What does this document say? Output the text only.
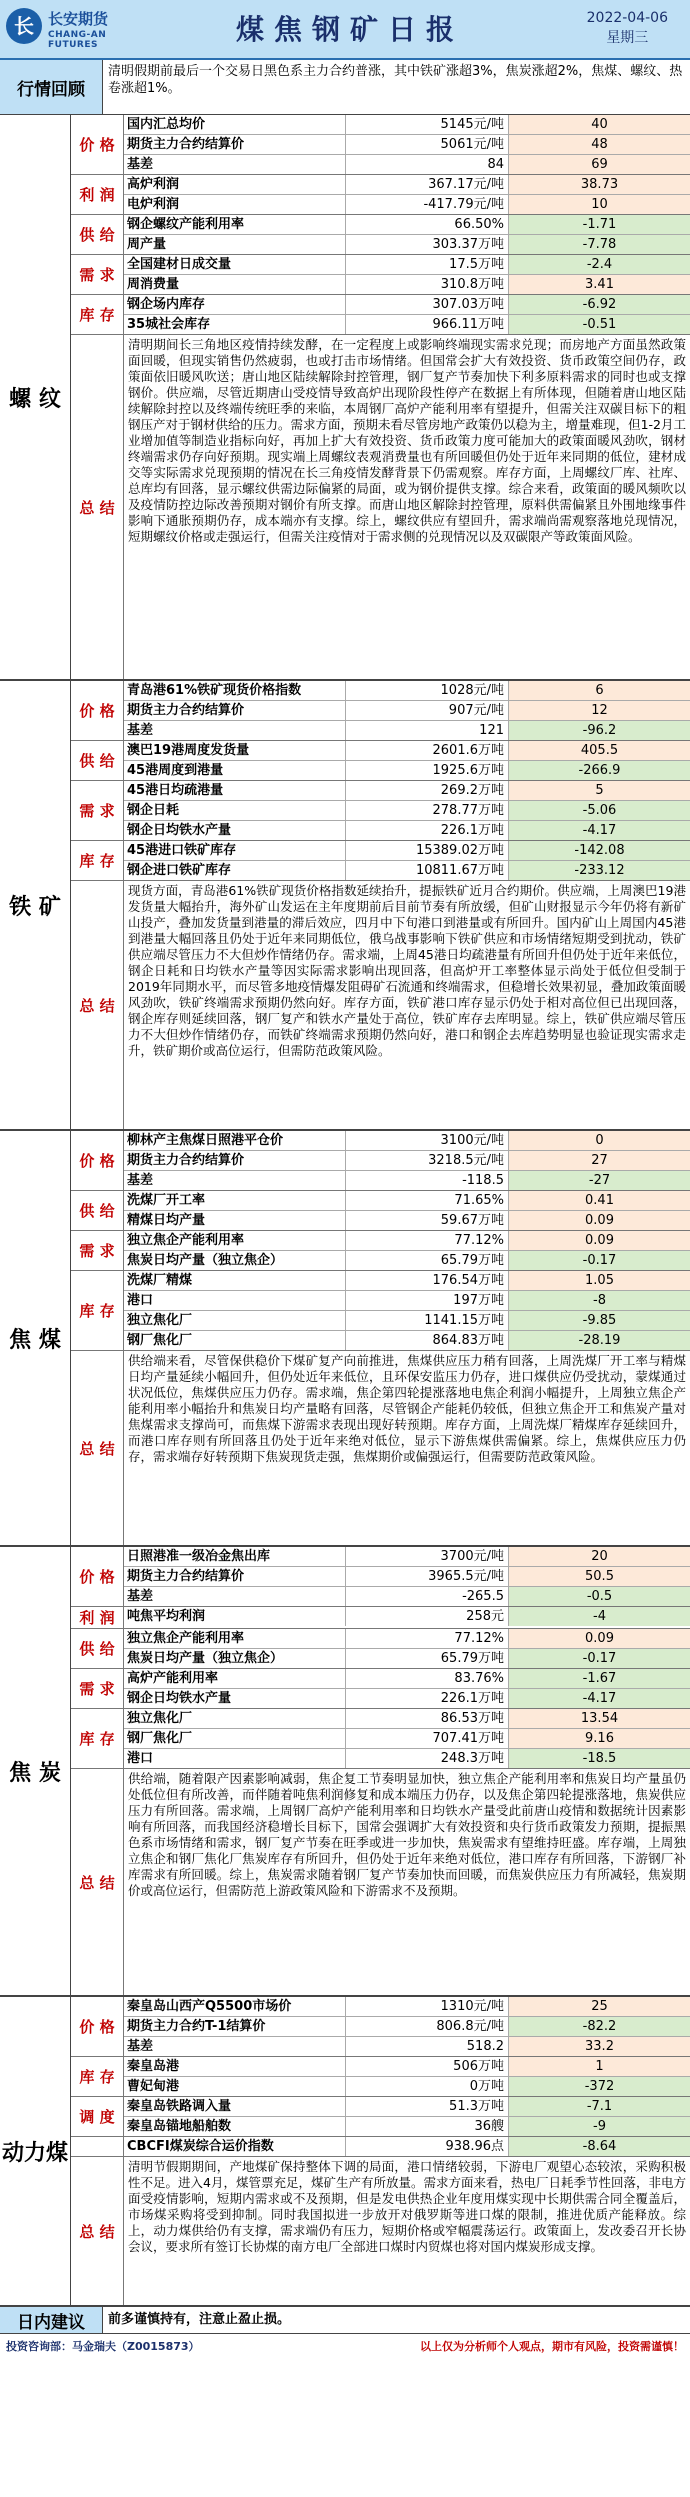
长 长安期货
CHANG-AN FUTURES	煤焦钢矿日报	2022-04-06
星期三
行情回顾
清明假期前最后一个交易日黑色系主力合约普涨，其中铁矿涨超3%，焦炭涨超2%，焦煤、螺纹、热卷涨超1%。
螺 纹
价 格
国内汇总均价	5145元/吨	40
期货主力合约结算价	5061元/吨	48
基差	84	69
利 润
高炉利润	367.17元/吨	38.73
电炉利润	-417.79元/吨	10
供 给
钢企螺纹产能利用率	66.50%	-1.71
周产量	303.37万吨	-7.78
需 求
全国建材日成交量	17.5万吨	-2.4
周消费量	310.8万吨	3.41
库 存
钢企场内库存	307.03万吨	-6.92
35城社会库存	966.11万吨	-0.51
总 结
清明期间长三角地区疫情持续发酵，在一定程度上或影响终端现实需求兑现；而房地产方面虽然政策面回暖，但现实销售仍然疲弱，也或打击市场情绪。但国常会扩大有效投资、货币政策空间仍存，政策面依旧暖风吹送；唐山地区陆续解除封控管理，钢厂复产节奏加快下利多原料需求的同时也或支撑钢价。供应端，尽管近期唐山受疫情导致高炉出现阶段性停产在数据上有所体现，但随着唐山地区陆续解除封控以及终端传统旺季的来临，本周钢厂高炉产能利用率有望提升，但需关注双碳目标下的粗钢压产对于钢材供给的压力。需求方面，预期未看尽管房地产政策仍以稳为主，增量难现，但1-2月工业增加值等制造业指标向好，再加上扩大有效投资、货币政策力度可能加大的政策面暖风劲吹，钢材终端需求仍存向好预期。现实端上周螺纹表观消费量也有所回暖但仍处于近年来同期的低位，建材成交等实际需求兑现预期的情况在长三角疫情发酵背景下仍需观察。库存方面，上周螺纹厂库、社库、总库均有回落，显示螺纹供需边际偏紧的局面，或为钢价提供支撑。综合来看，政策面的暖风频吹以及疫情防控边际改善预期对钢价有所支撑。而唐山地区解除封控管理，原料供需偏紧且外围地缘事件影响下通胀预期仍存，成本端亦有支撑。综上，螺纹供应有望回升，需求端尚需观察落地兑现情况，短期螺纹价格或走强运行，但需关注疫情对于需求侧的兑现情况以及双碳限产等政策面风险。
铁 矿
价 格
青岛港61%铁矿现货价格指数	1028元/吨	6
期货主力合约结算价	907元/吨	12
基差	121	-96.2
供 给
澳巴19港周度发货量	2601.6万吨	405.5
45港周度到港量	1925.6万吨	-266.9
需 求
45港日均疏港量	269.2万吨	5
钢企日耗	278.77万吨	-5.06
钢企日均铁水产量	226.1万吨	-4.17
库 存
45港进口铁矿库存	15389.02万吨	-142.08
钢企进口铁矿库存	10811.67万吨	-233.12
总 结
现货方面，青岛港61%铁矿现货价格指数延续抬升，提振铁矿近月合约期价。供应端，上周澳巴19港发货量大幅抬升，海外矿山发运在主年度期前后目前节奏有所放缓，但矿山财报显示今年仍将有新矿山投产，叠加发货量到港量的滞后效应，四月中下旬港口到港量或有所回升。国内矿山上周国内45港到港量大幅回落且仍处于近年来同期低位，俄乌战事影响下铁矿供应和市场情绪短期受到扰动，铁矿供应端尽管压力不大但炒作情绪仍存。需求端，上周45港日均疏港量有所回升但仍处于近年来低位，钢企日耗和日均铁水产量等因实际需求影响出现回落，但高炉开工率整体显示尚处于低位但受制于2019年同期水平，而尽管多地疫情爆发阻碍矿石流通和终端需求，但稳增长效果初显，叠加政策面暖风劲吹，铁矿终端需求预期仍然向好。库存方面，铁矿港口库存显示仍处于相对高位但已出现回落，钢企库存则延续回落，钢厂复产和铁水产量处于高位，铁矿库存去库明显。综上，铁矿供应端尽管压力不大但炒作情绪仍存，而铁矿终端需求预期仍然向好，港口和钢企去库趋势明显也验证现实需求走升，铁矿期价或高位运行，但需防范政策风险。
焦 煤
价 格
柳林产主焦煤日照港平仓价	3100元/吨	0
期货主力合约结算价	3218.5元/吨	27
基差	-118.5	-27
供 给
洗煤厂开工率	71.65%	0.41
精煤日均产量	59.67万吨	0.09
需 求
独立焦企产能利用率	77.12%	0.09
焦炭日均产量（独立焦企）	65.79万吨	-0.17
库 存
洗煤厂精煤	176.54万吨	1.05
港口	197万吨	-8
独立焦化厂	1141.15万吨	-9.85
钢厂焦化厂	864.83万吨	-28.19
总 结
供给端来看，尽管保供稳价下煤矿复产向前推进，焦煤供应压力稍有回落，上周洗煤厂开工率与精煤日均产量延续小幅回升，但仍处近年来低位，且环保安监压力仍存，进口煤供应仍受扰动，蒙煤通过状况低位，焦煤供应压力仍存。需求端，焦企第四轮提涨落地电焦企利润小幅提升，上周独立焦企产能利用率小幅抬升和焦炭日均产量略有回落，尽管钢企产能耗仍较低，但独立焦企开工和焦炭产量对焦煤需求支撑尚可，而焦煤下游需求表现出现好转预期。库存方面，上周洗煤厂精煤库存延续回升，而港口库存则有所回落且仍处于近年来绝对低位，显示下游焦煤供需偏紧。综上，焦煤供应压力仍存，需求端存好转预期下焦炭现货走强，焦煤期价或偏强运行，但需要防范政策风险。
焦 炭
价 格
日照港准一级冶金焦出库	3700元/吨	20
期货主力合约结算价	3965.5元/吨	50.5
基差	-265.5	-0.5
利 润 吨焦平均利润	258元	-4
供 给
独立焦企产能利用率	77.12%	0.09
焦炭日均产量（独立焦企）	65.79万吨	-0.17
需 求
高炉产能利用率	83.76%	-1.67
钢企日均铁水产量	226.1万吨	-4.17
库 存
独立焦化厂	86.53万吨	13.54
钢厂焦化厂	707.41万吨	9.16
港口	248.3万吨	-18.5
总 结
供给端，随着限产因素影响减弱，焦企复工节奏明显加快，独立焦企产能利用率和焦炭日均产量虽仍处低位但有所改善，而伴随着吨焦利润修复和成本端压力仍存，以及焦企第四轮提涨落地，焦炭供应压力有所回落。需求端，上周钢厂高炉产能利用率和日均铁水产量受此前唐山疫情和数据统计因素影响有所回落，而我国经济稳增长目标下，国常会强调扩大有效投资和央行货币政策发力预期，提振黑色系市场情绪和需求，钢厂复产节奏在旺季或进一步加快，焦炭需求有望维持旺盛。库存端，上周独立焦企和钢厂焦化厂焦炭库存有所回升，但仍处于近年来绝对低位，港口库存有所回落，下游钢厂补库需求有所回暖。综上，焦炭需求随着钢厂复产节奏加快而回暖，而焦炭供应压力有所减轻，焦炭期价或高位运行，但需防范上游政策风险和下游需求不及预期。
动力煤
价 格
秦皇岛山西产Q5500市场价	1310元/吨	25
期货主力合约T-1结算价	806.8元/吨	-82.2
基差	518.2	33.2
库 存
秦皇岛港	506万吨	1
曹妃甸港	0万吨	-372
调 度
秦皇岛铁路调入量	51.3万吨	-7.1
秦皇岛锚地船舶数	36艘	-9
CBCFI煤炭综合运价指数	938.96点	-8.64
总 结
清明节假期期间，产地煤矿保持整体下调的局面，港口情绪较弱，下游电厂观望心态较浓，采购积极性不足。进入4月，煤管票充足，煤矿生产有所放量。需求方面来看，热电厂日耗季节性回落，非电方面受疫情影响，短期内需求或不及预期，但是发电供热企业年度用煤实现中长期供需合同全覆盖后，市场煤采购将受到抑制。同时我国拟进一步放开对俄罗斯等进口煤的限制，推进优质产能释放。综上，动力煤供给仍有支撑，需求端仍有压力，短期价格或窄幅震荡运行。政策面上，发改委召开长协会议，要求所有签订长协煤的南方电厂全部进口煤时内贸煤也将对国内煤炭形成支撑。
日内建议	前多谨慎持有，注意止盈止损。
投资咨询部：马金瑞夫（Z0015873）	以上仅为分析师个人观点，期市有风险，投资需谨慎！
